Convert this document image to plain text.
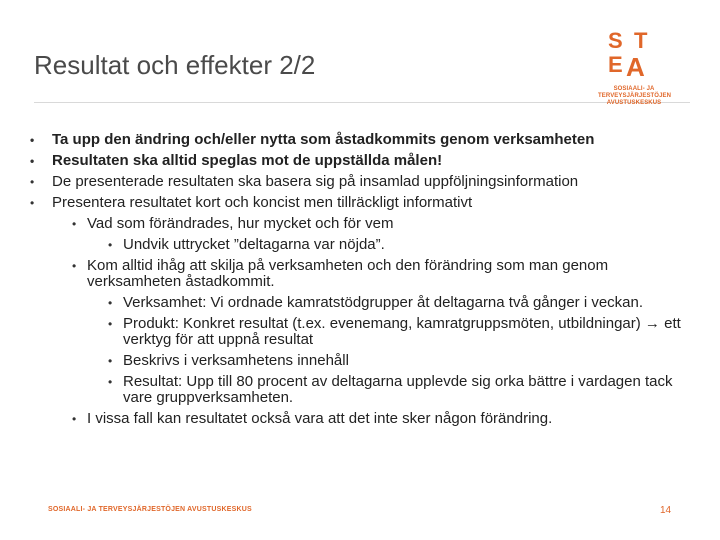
Resultat och effekter 2/2
S T
E A
SOSIAALI- JA TERVEYSJÄRJESTÖJEN AVUSTUSKESKUS
• Ta upp den ändring och/eller nytta som åstadkommits genom verksamheten
• Resultaten ska alltid speglas mot de uppställda målen!
• De presenterade resultaten ska basera sig på insamlad uppföljningsinformation
• Presentera resultatet kort och koncist men tillräckligt informativt
• Vad som förändrades, hur mycket och för vem
• Undvik uttrycket ”deltagarna var nöjda”.
• Kom alltid ihåg att skilja på verksamheten och den förändring som man genom verksamheten åstadkommit.
• Verksamhet: Vi ordnade kamratstödgrupper åt deltagarna två gånger i veckan.
• Produkt: Konkret resultat (t.ex. evenemang, kamratgruppsmöten, utbildningar) → ett verktyg för att uppnå resultat
• Beskrivs i verksamhetens innehåll
• Resultat: Upp till 80 procent av deltagarna upplevde sig orka bättre i vardagen tack vare gruppverksamheten.
• I vissa fall kan resultatet också vara att det inte sker någon förändring.
SOSIAALI- JA TERVEYSJÄRJESTÖJEN AVUSTUSKESKUS	14
